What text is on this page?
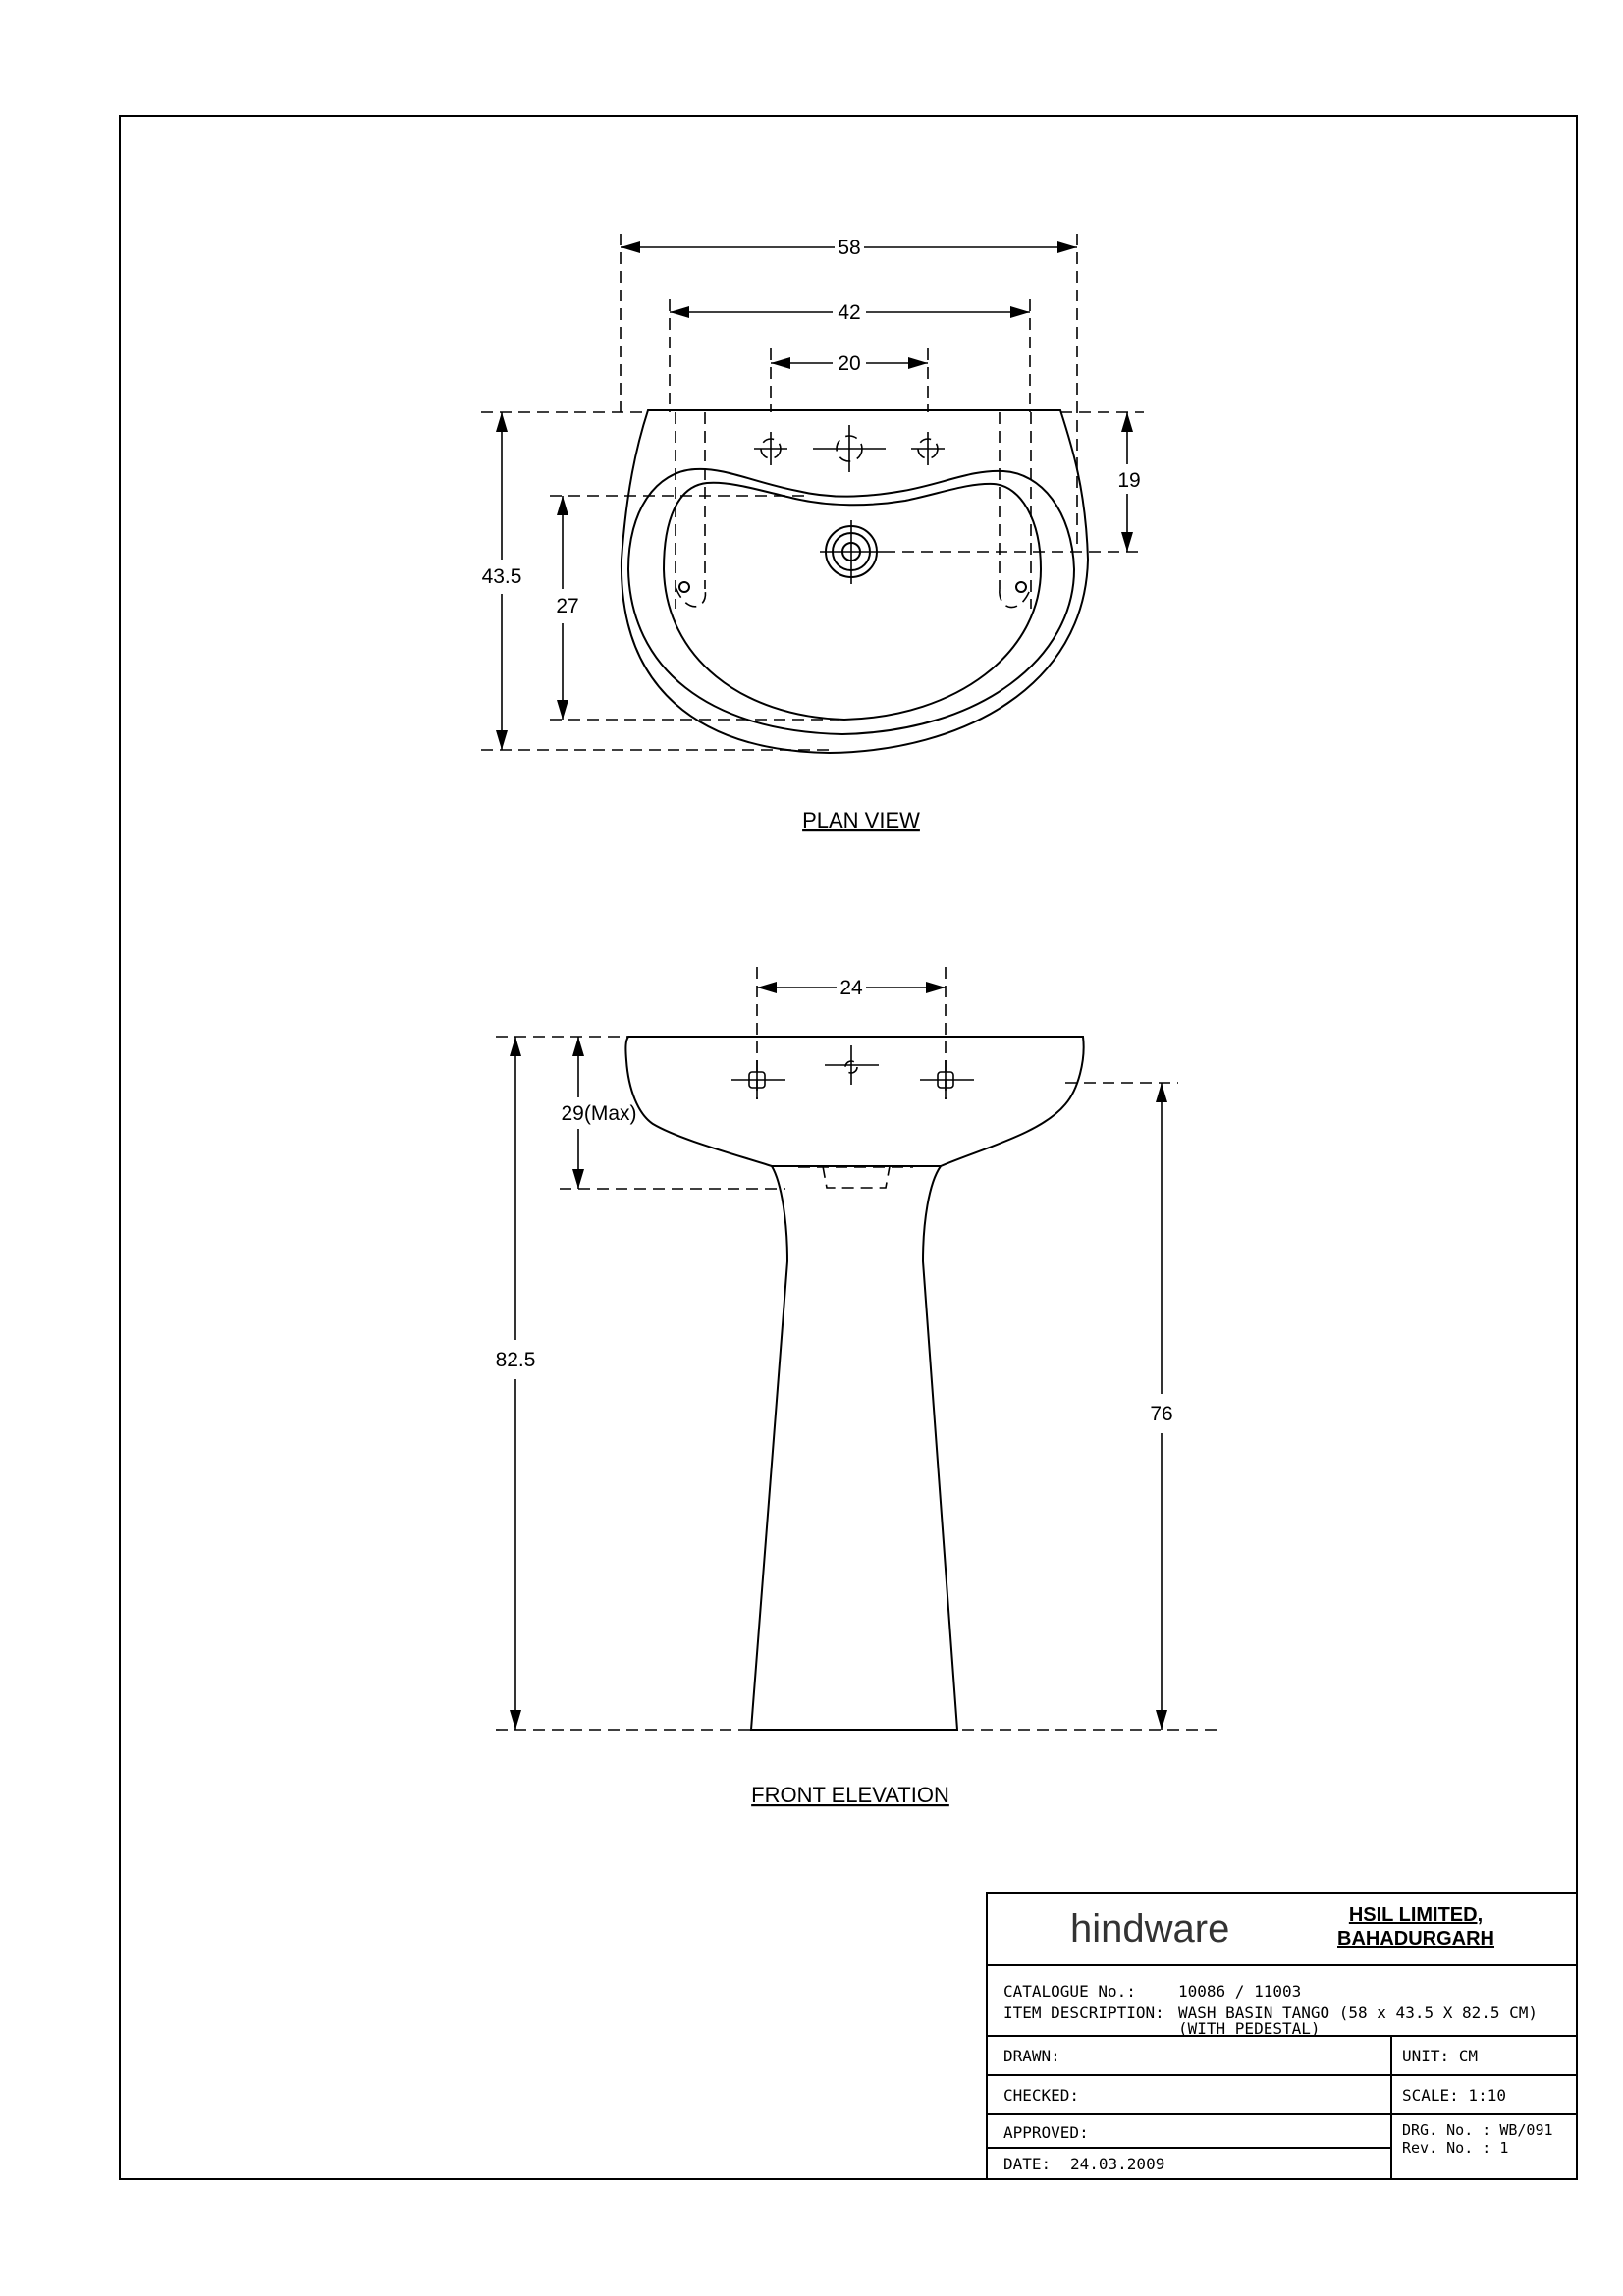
58
42
20
43.5
27
19
PLAN VIEW
24
29(Max)
82.5
76
FRONT ELEVATION
hindware	HSIL LIMITED,
BAHADURGARH
CATALOGUE No.:	10086 / 11003
ITEM DESCRIPTION: WASH BASIN TANGO (58 x 43.5 X 82.5 CM)
(WITH PEDESTAL)
DRAWN:
CHECKED:
APPROVED:
DATE: 24.03.2009
UNIT: CM
SCALE: 1:10
DRG. No. : WB/091
Rev. No. : 1
